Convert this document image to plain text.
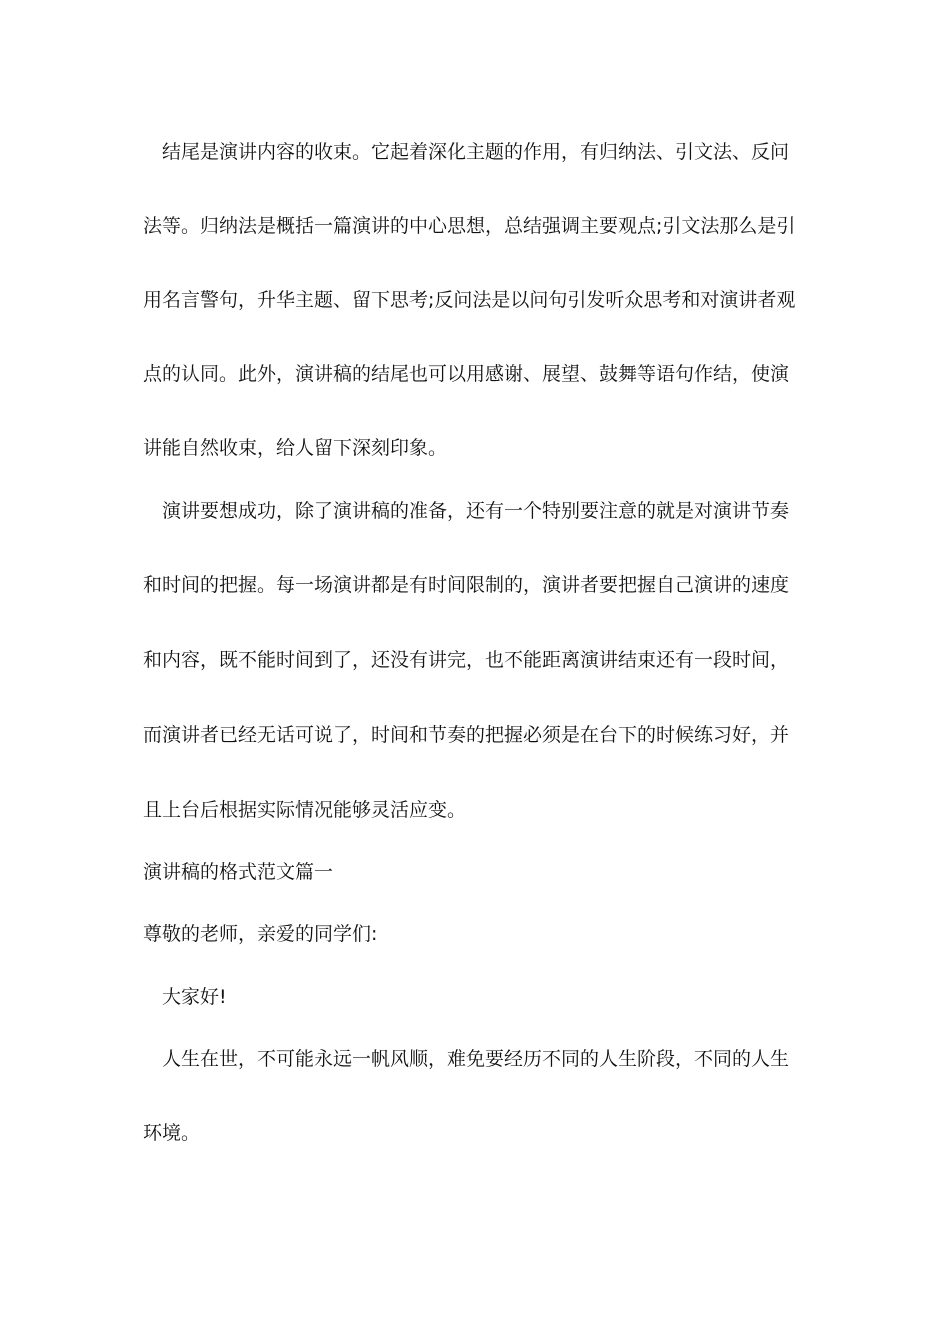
　结尾是演讲内容的收束。它起着深化主题的作用，有归纳法、引文法、反问

法等。归纳法是概括一篇演讲的中心思想，总结强调主要观点;引文法那么是引

用名言警句，升华主题、留下思考;反问法是以问句引发听众思考和对演讲者观

点的认同。此外，演讲稿的结尾也可以用感谢、展望、鼓舞等语句作结，使演

讲能自然收束，给人留下深刻印象。

　演讲要想成功，除了演讲稿的准备，还有一个特别要注意的就是对演讲节奏

和时间的把握。每一场演讲都是有时间限制的，演讲者要把握自己演讲的速度

和内容，既不能时间到了，还没有讲完，也不能距离演讲结束还有一段时间，

而演讲者已经无话可说了，时间和节奏的把握必须是在台下的时候练习好，并

且上台后根据实际情况能够灵活应变。

演讲稿的格式范文篇一

尊敬的老师，亲爱的同学们:

　大家好!

　人生在世，不可能永远一帆风顺，难免要经历不同的人生阶段，不同的人生

环境。
